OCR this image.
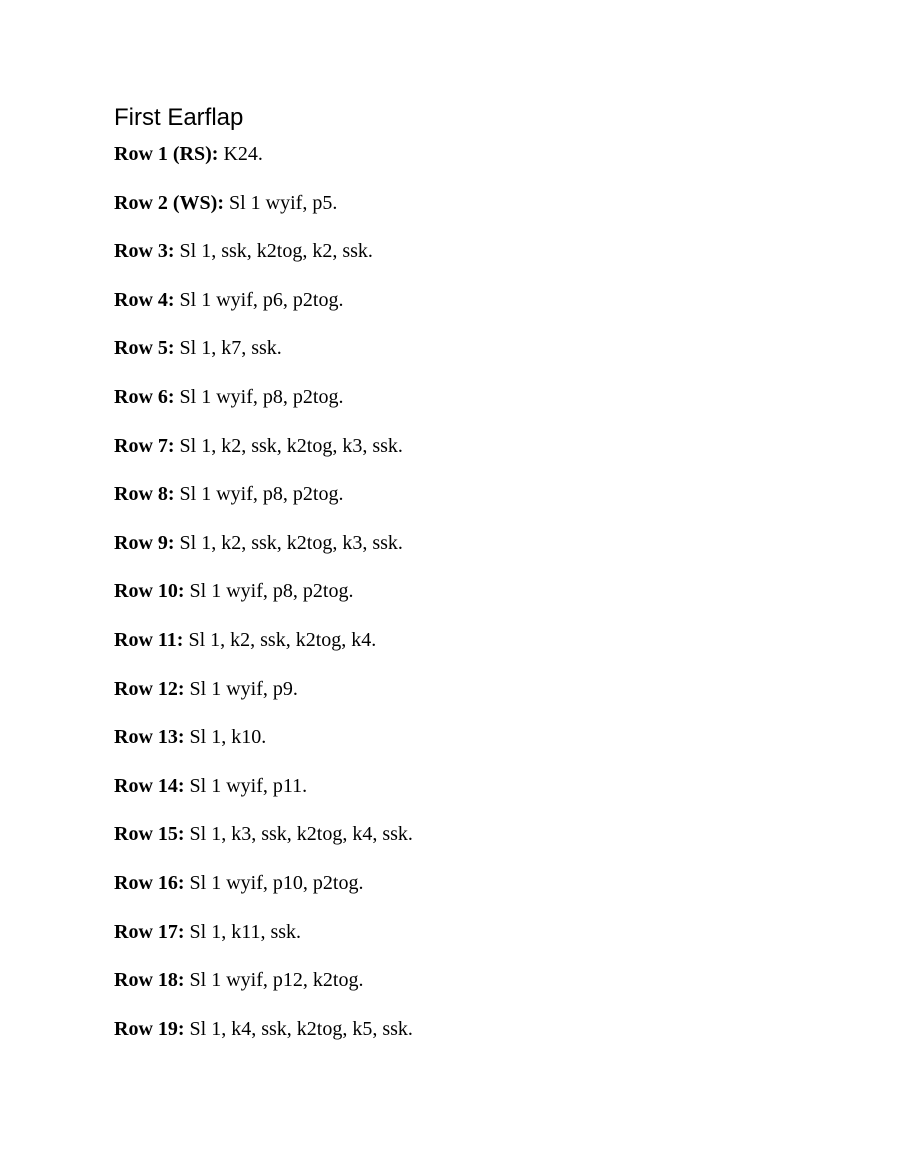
First Earflap
Row 1 (RS): K24.
Row 2 (WS): Sl 1 wyif, p5.
Row 3: Sl 1, ssk, k2tog, k2, ssk.
Row 4: Sl 1 wyif, p6, p2tog.
Row 5: Sl 1, k7, ssk.
Row 6: Sl 1 wyif, p8, p2tog.
Row 7: Sl 1, k2, ssk, k2tog, k3, ssk.
Row 8: Sl 1 wyif, p8, p2tog.
Row 9: Sl 1, k2, ssk, k2tog, k3, ssk.
Row 10: Sl 1 wyif, p8, p2tog.
Row 11: Sl 1, k2, ssk, k2tog, k4.
Row 12: Sl 1 wyif, p9.
Row 13: Sl 1, k10.
Row 14: Sl 1 wyif, p11.
Row 15: Sl 1, k3, ssk, k2tog, k4, ssk.
Row 16: Sl 1 wyif, p10, p2tog.
Row 17: Sl 1, k11, ssk.
Row 18: Sl 1 wyif, p12, k2tog.
Row 19: Sl 1, k4, ssk, k2tog, k5, ssk.
